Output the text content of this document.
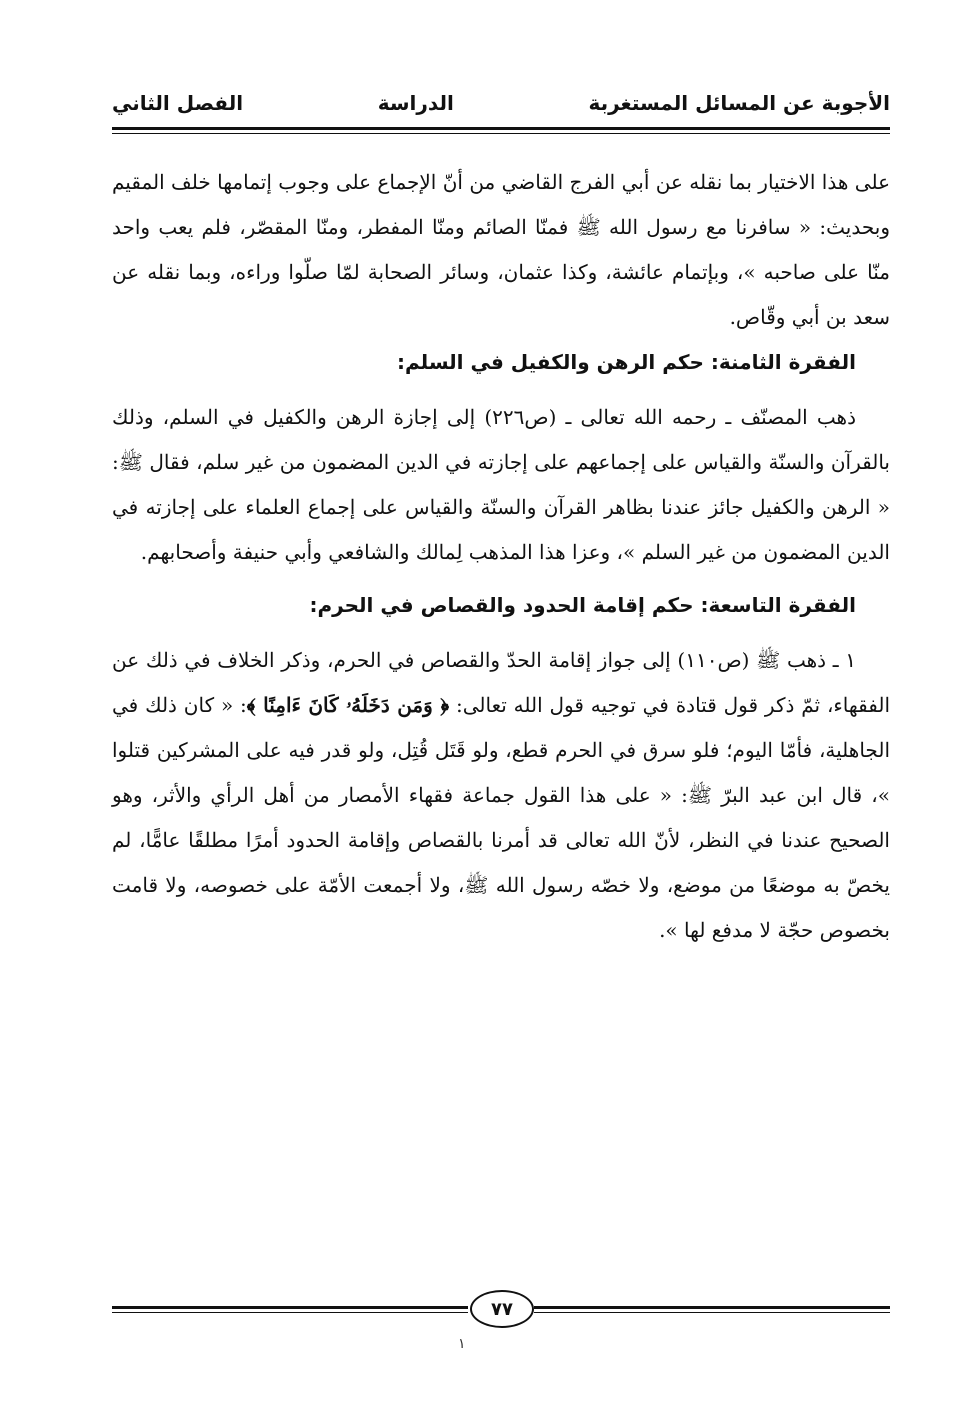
الأجوبة عن المسائل المستغربة
الدراسة
الفصل الثاني

على هذا الاختيار بما نقله عن أبي الفرج القاضي من أنّ الإجماع على وجوب إتمامها خلف المقيم وبحديث: « سافرنا مع رسول الله ﷺ فمنّا الصائم ومنّا المفطر، ومنّا المقصّر، فلم يعب واحد منّا على صاحبه »، وبإتمام عائشة، وكذا عثمان، وسائر الصحابة لمّا صلّوا وراءه، وبما نقله عن سعد بن أبي وقّاص.

الفقرة الثامنة: حكم الرهن والكفيل في السلم:

ذهب المصنّف ـ رحمه الله تعالى ـ (ص٢٢٦) إلى إجازة الرهن والكفيل في السلم، وذلك بالقرآن والسنّة والقياس على إجماعهم على إجازته في الدين المضمون من غير سلم، فقال ﷺ: « الرهن والكفيل جائز عندنا بظاهر القرآن والسنّة والقياس على إجماع العلماء على إجازته في الدين المضمون من غير السلم »، وعزا هذا المذهب لِمالك والشافعي وأبي حنيفة وأصحابهم.

الفقرة التاسعة: حكم إقامة الحدود والقصاص في الحرم:

١ ـ ذهب ﷺ (ص١١٠) إلى جواز إقامة الحدّ والقصاص في الحرم، وذكر الخلاف في ذلك عن الفقهاء، ثمّ ذكر قول قتادة في توجيه قول الله تعالى: ﴿ وَمَن دَخَلَهُۥ كَانَ ءَامِنًا ﴾: « كان ذلك في الجاهلية، فأمّا اليوم؛ فلو سرق في الحرم قطع، ولو قَتَل قُتِل، ولو قدر فيه على المشركين قتلوا »، قال ابن عبد البرّ ﷺ: « على هذا القول جماعة فقهاء الأمصار من أهل الرأي والأثر، وهو الصحيح عندنا في النظر، لأنّ الله تعالى قد أمرنا بالقصاص وإقامة الحدود أمرًا مطلقًا عامًّا، لم يخصّ به موضعًا من موضع، ولا خصّه رسول الله ﷺ، ولا أجمعت الأمّة على خصوصه، ولا قامت بخصوص حجّة لا مدفع لها ».

٧٧
١
